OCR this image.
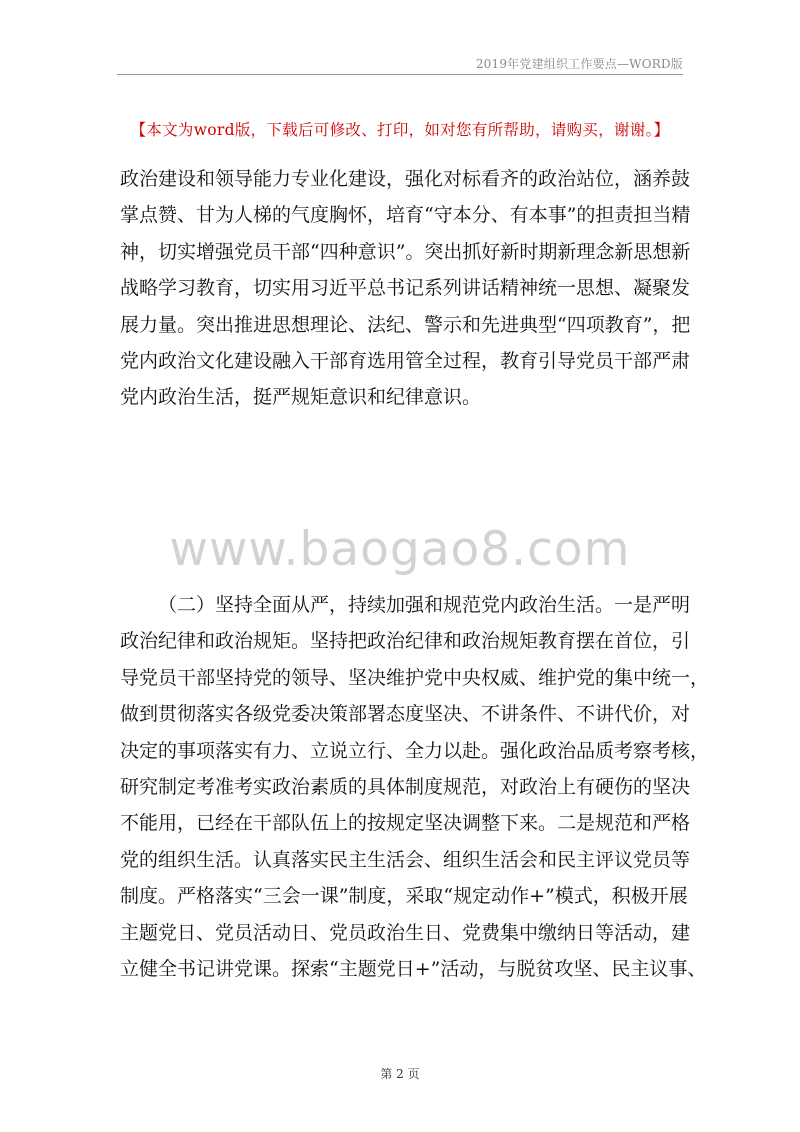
2019年党建组织工作要点—WORD版
【本文为word版，下载后可修改、打印，如对您有所帮助，请购买，谢谢。】
政治建设和领导能力专业化建设，强化对标看齐的政治站位，涵养鼓
掌点赞、甘为人梯的气度胸怀，培育“守本分、有本事”的担责担当精
神，切实增强党员干部“四种意识”。突出抓好新时期新理念新思想新
战略学习教育，切实用习近平总书记系列讲话精神统一思想、凝聚发
展力量。突出推进思想理论、法纪、警示和先进典型“四项教育”，把
党内政治文化建设融入干部育选用管全过程，教育引导党员干部严肃
党内政治生活，挺严规矩意识和纪律意识。
www.baogao8.com
（二）坚持全面从严，持续加强和规范党内政治生活。一是严明
政治纪律和政治规矩。坚持把政治纪律和政治规矩教育摆在首位，引
导党员干部坚持党的领导、坚决维护党中央权威、维护党的集中统一，
做到贯彻落实各级党委决策部署态度坚决、不讲条件、不讲代价，对
决定的事项落实有力、立说立行、全力以赴。强化政治品质考察考核，
研究制定考准考实政治素质的具体制度规范，对政治上有硬伤的坚决
不能用，已经在干部队伍上的按规定坚决调整下来。二是规范和严格
党的组织生活。认真落实民主生活会、组织生活会和民主评议党员等
制度。严格落实“三会一课”制度，采取“规定动作+”模式，积极开展
主题党日、党员活动日、党员政治生日、党费集中缴纳日等活动，建
立健全书记讲党课。探索“主题党日+”活动，与脱贫攻坚、民主议事、
第 2 页
